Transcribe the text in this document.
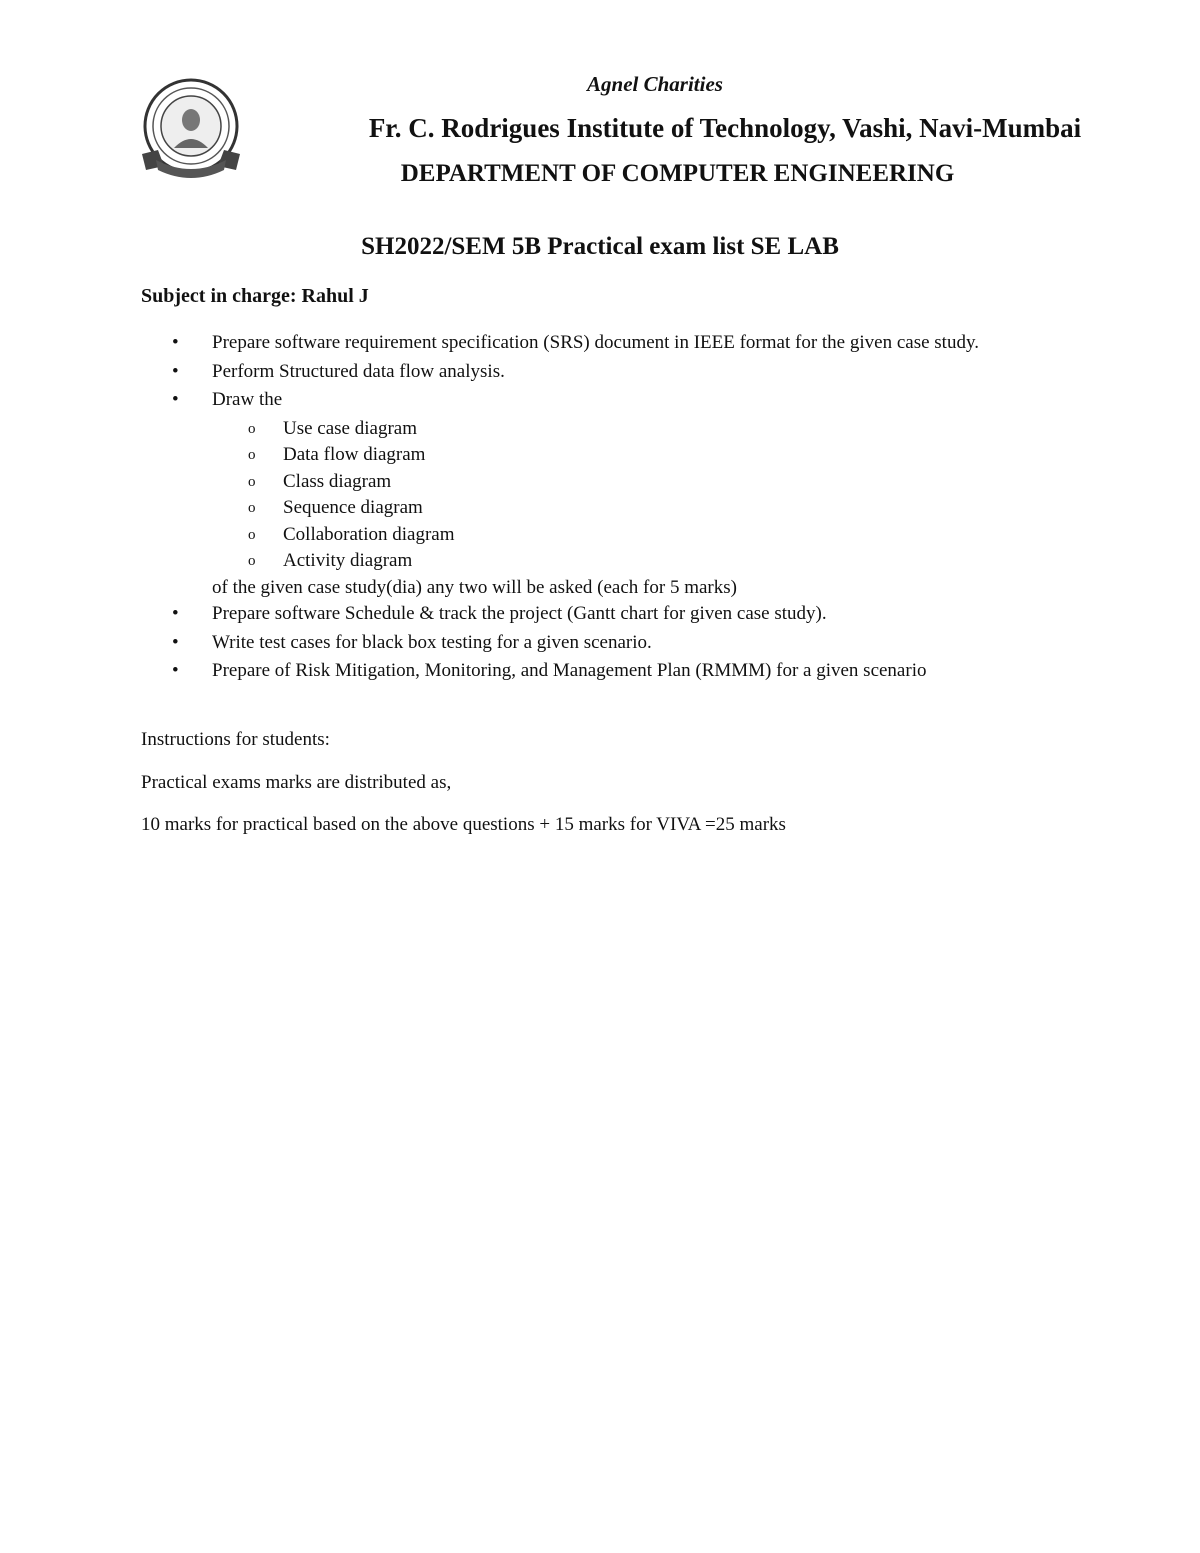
Agnel Charities
Fr. C. Rodrigues Institute of Technology, Vashi, Navi-Mumbai
DEPARTMENT OF COMPUTER ENGINEERING
SH2022/SEM 5B Practical exam list SE LAB
Subject in charge: Rahul J
• Prepare software requirement specification (SRS) document in IEEE format for the given case study.
• Perform Structured data flow analysis.
• Draw the
o Use case diagram
o Data flow diagram
o Class diagram
o Sequence diagram
o Collaboration diagram
o Activity diagram
of the given case study(dia) any two will be asked (each for 5 marks)
• Prepare software Schedule & track the project (Gantt chart for given case study).
• Write test cases for black box testing for a given scenario.
• Prepare of Risk Mitigation, Monitoring, and Management Plan (RMMM) for a given scenario
Instructions for students:
Practical exams marks are distributed as,
10 marks for practical based on the above questions + 15 marks for VIVA =25 marks
